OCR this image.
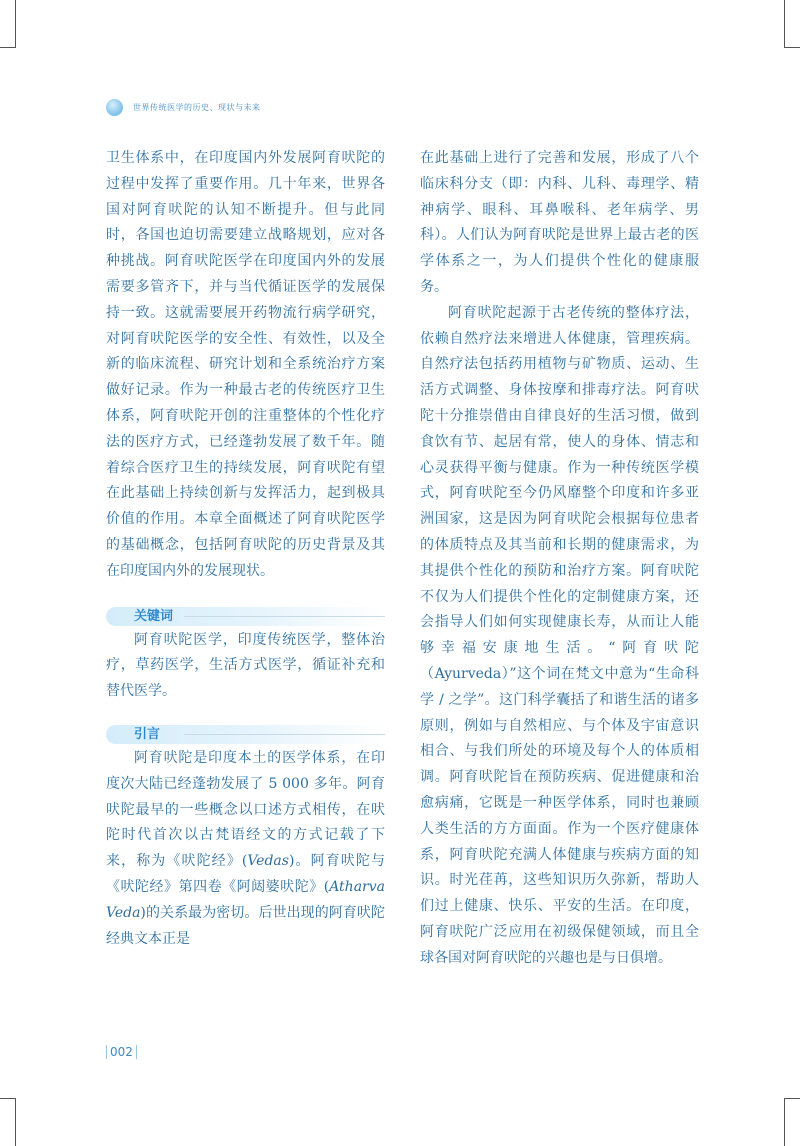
世界传统医学的历史、现状与未来

卫生体系中，在印度国内外发展阿育吠陀的过程中发挥了重要作用。几十年来，世界各国对阿育吠陀的认知不断提升。但与此同时，各国也迫切需要建立战略规划，应对各种挑战。阿育吠陀医学在印度国内外的发展需要多管齐下，并与当代循证医学的发展保持一致。这就需要展开药物流行病学研究，对阿育吠陀医学的安全性、有效性，以及全新的临床流程、研究计划和全系统治疗方案做好记录。作为一种最古老的传统医疗卫生体系，阿育吠陀开创的注重整体的个性化疗法的医疗方式，已经蓬勃发展了数千年。随着综合医疗卫生的持续发展，阿育吠陀有望在此基础上持续创新与发挥活力，起到极具价值的作用。本章全面概述了阿育吠陀医学的基础概念，包括阿育吠陀的历史背景及其在印度国内外的发展现状。

关键词

阿育吠陀医学，印度传统医学，整体治疗，草药医学，生活方式医学，循证补充和替代医学。

引言

阿育吠陀是印度本土的医学体系，在印度次大陆已经蓬勃发展了 5 000 多年。阿育吠陀最早的一些概念以口述方式相传，在吠陀时代首次以古梵语经文的方式记载了下来，称为《吠陀经》(Vedas)。阿育吠陀与《吠陀经》第四卷《阿闼婆吠陀》(Atharva Veda)的关系最为密切。后世出现的阿育吠陀经典文本正是

在此基础上进行了完善和发展，形成了八个临床科分支（即：内科、儿科、毒理学、精神病学、眼科、耳鼻喉科、老年病学、男科）。人们认为阿育吠陀是世界上最古老的医学体系之一，为人们提供个性化的健康服务。

阿育吠陀起源于古老传统的整体疗法，依赖自然疗法来增进人体健康，管理疾病。自然疗法包括药用植物与矿物质、运动、生活方式调整、身体按摩和排毒疗法。阿育吠陀十分推崇借由自律良好的生活习惯，做到食饮有节、起居有常，使人的身体、情志和心灵获得平衡与健康。作为一种传统医学模式，阿育吠陀至今仍风靡整个印度和许多亚洲国家，这是因为阿育吠陀会根据每位患者的体质特点及其当前和长期的健康需求，为其提供个性化的预防和治疗方案。阿育吠陀不仅为人们提供个性化的定制健康方案，还会指导人们如何实现健康长寿，从而让人能够幸福安康地生活。“阿育吠陀（Ayurveda）”这个词在梵文中意为“生命科学 / 之学”。这门科学囊括了和谐生活的诸多原则，例如与自然相应、与个体及宇宙意识相合、与我们所处的环境及每个人的体质相调。阿育吠陀旨在预防疾病、促进健康和治愈病痛，它既是一种医学体系，同时也兼顾人类生活的方方面面。作为一个医疗健康体系，阿育吠陀充满人体健康与疾病方面的知识。时光荏苒，这些知识历久弥新，帮助人们过上健康、快乐、平安的生活。在印度，阿育吠陀广泛应用在初级保健领域，而且全球各国对阿育吠陀的兴趣也是与日俱增。

002
